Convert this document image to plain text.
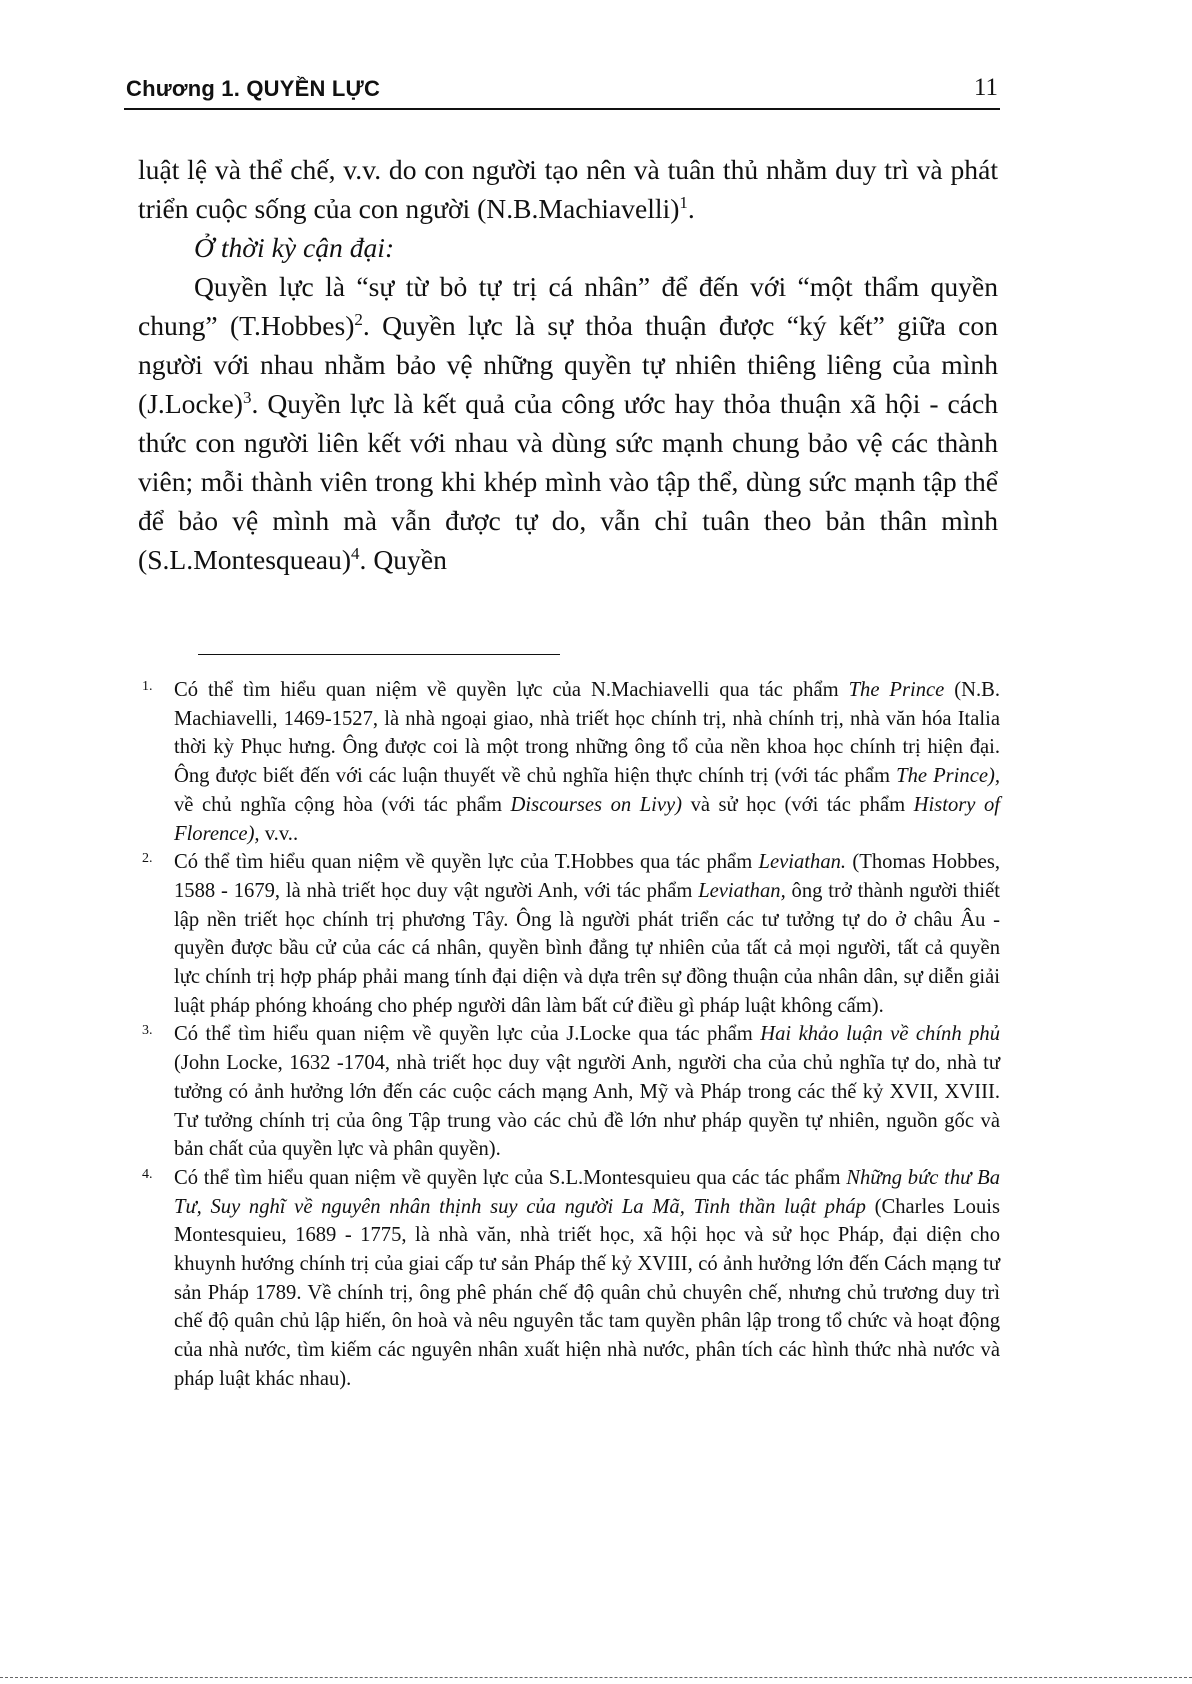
Chương 1. QUYỀN LỰC	11

luật lệ và thể chế, v.v. do con người tạo nên và tuân thủ nhằm duy trì và phát triển cuộc sống của con người (N.B.Machiavelli)$^1$.

Ở thời kỳ cận đại:

Quyền lực là “sự từ bỏ tự trị cá nhân” để đến với “một thẩm quyền chung” (T.Hobbes)$^2$. Quyền lực là sự thỏa thuận được “ký kết” giữa con người với nhau nhằm bảo vệ những quyền tự nhiên thiêng liêng của mình (J.Locke)$^3$. Quyền lực là kết quả của công ước hay thỏa thuận xã hội - cách thức con người liên kết với nhau và dùng sức mạnh chung bảo vệ các thành viên; mỗi thành viên trong khi khép mình vào tập thể, dùng sức mạnh tập thể để bảo vệ mình mà vẫn được tự do, vẫn chỉ tuân theo bản thân mình (S.L.Montesqueau)$^4$. Quyền

1. Có thể tìm hiểu quan niệm về quyền lực của N.Machiavelli qua tác phẩm The Prince (N.B. Machiavelli, 1469-1527, là nhà ngoại giao, nhà triết học chính trị, nhà chính trị, nhà văn hóa Italia thời kỳ Phục hưng. Ông được coi là một trong những ông tổ của nền khoa học chính trị hiện đại. Ông được biết đến với các luận thuyết về chủ nghĩa hiện thực chính trị (với tác phẩm The Prince), về chủ nghĩa cộng hòa (với tác phẩm Discourses on Livy) và sử học (với tác phẩm History of Florence), v.v..
2. Có thể tìm hiểu quan niệm về quyền lực của T.Hobbes qua tác phẩm Leviathan. (Thomas Hobbes, 1588 - 1679, là nhà triết học duy vật người Anh, với tác phẩm Leviathan, ông trở thành người thiết lập nền triết học chính trị phương Tây. Ông là người phát triển các tư tưởng tự do ở châu Âu - quyền được bầu cử của các cá nhân, quyền bình đẳng tự nhiên của tất cả mọi người, tất cả quyền lực chính trị hợp pháp phải mang tính đại diện và dựa trên sự đồng thuận của nhân dân, sự diễn giải luật pháp phóng khoáng cho phép người dân làm bất cứ điều gì pháp luật không cấm).
3. Có thể tìm hiểu quan niệm về quyền lực của J.Locke qua tác phẩm Hai khảo luận về chính phủ (John Locke, 1632 -1704, nhà triết học duy vật người Anh, người cha của chủ nghĩa tự do, nhà tư tưởng có ảnh hưởng lớn đến các cuộc cách mạng Anh, Mỹ và Pháp trong các thế kỷ XVII, XVIII. Tư tưởng chính trị của ông Tập trung vào các chủ đề lớn như pháp quyền tự nhiên, nguồn gốc và bản chất của quyền lực và phân quyền).
4. Có thể tìm hiểu quan niệm về quyền lực của S.L.Montesquieu qua các tác phẩm Những bức thư Ba Tư, Suy nghĩ về nguyên nhân thịnh suy của người La Mã, Tinh thần luật pháp (Charles Louis Montesquieu, 1689 - 1775, là nhà văn, nhà triết học, xã hội học và sử học Pháp, đại diện cho khuynh hướng chính trị của giai cấp tư sản Pháp thế kỷ XVIII, có ảnh hưởng lớn đến Cách mạng tư sản Pháp 1789. Về chính trị, ông phê phán chế độ quân chủ chuyên chế, nhưng chủ trương duy trì chế độ quân chủ lập hiến, ôn hoà và nêu nguyên tắc tam quyền phân lập trong tổ chức và hoạt động của nhà nước, tìm kiếm các nguyên nhân xuất hiện nhà nước, phân tích các hình thức nhà nước và pháp luật khác nhau).
